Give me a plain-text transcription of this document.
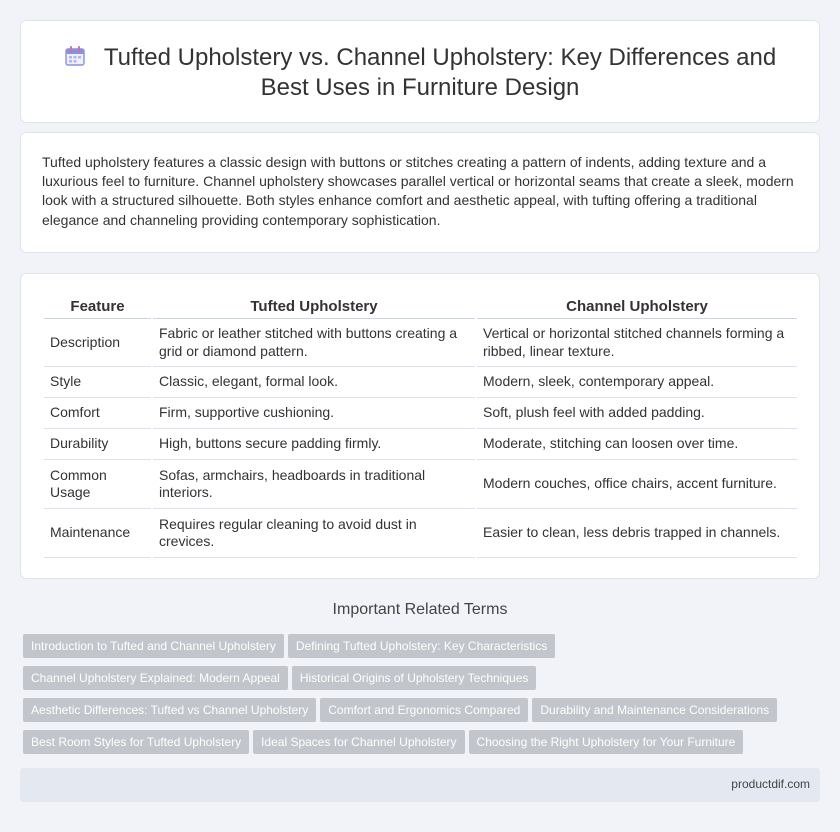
Tufted Upholstery vs. Channel Upholstery: Key Differences and Best Uses in Furniture Design

Tufted upholstery features a classic design with buttons or stitches creating a pattern of indents, adding texture and a luxurious feel to furniture. Channel upholstery showcases parallel vertical or horizontal seams that create a sleek, modern look with a structured silhouette. Both styles enhance comfort and aesthetic appeal, with tufting offering a traditional elegance and channeling providing contemporary sophistication.

Feature	Tufted Upholstery	Channel Upholstery
Description	Fabric or leather stitched with buttons creating a grid or diamond pattern.	Vertical or horizontal stitched channels forming a ribbed, linear texture.
Style	Classic, elegant, formal look.	Modern, sleek, contemporary appeal.
Comfort	Firm, supportive cushioning.	Soft, plush feel with added padding.
Durability	High, buttons secure padding firmly.	Moderate, stitching can loosen over time.
Common Usage	Sofas, armchairs, headboards in traditional interiors.	Modern couches, office chairs, accent furniture.
Maintenance	Requires regular cleaning to avoid dust in crevices.	Easier to clean, less debris trapped in channels.
Important Related Terms
Introduction to Tufted and Channel Upholstery Defining Tufted Upholstery: Key Characteristics
Channel Upholstery Explained: Modern Appeal Historical Origins of Upholstery Techniques
Aesthetic Differences: Tufted vs Channel Upholstery Comfort and Ergonomics Compared Durability and Maintenance Considerations
Best Room Styles for Tufted Upholstery Ideal Spaces for Channel Upholstery Choosing the Right Upholstery for Your Furniture
productdif.com
